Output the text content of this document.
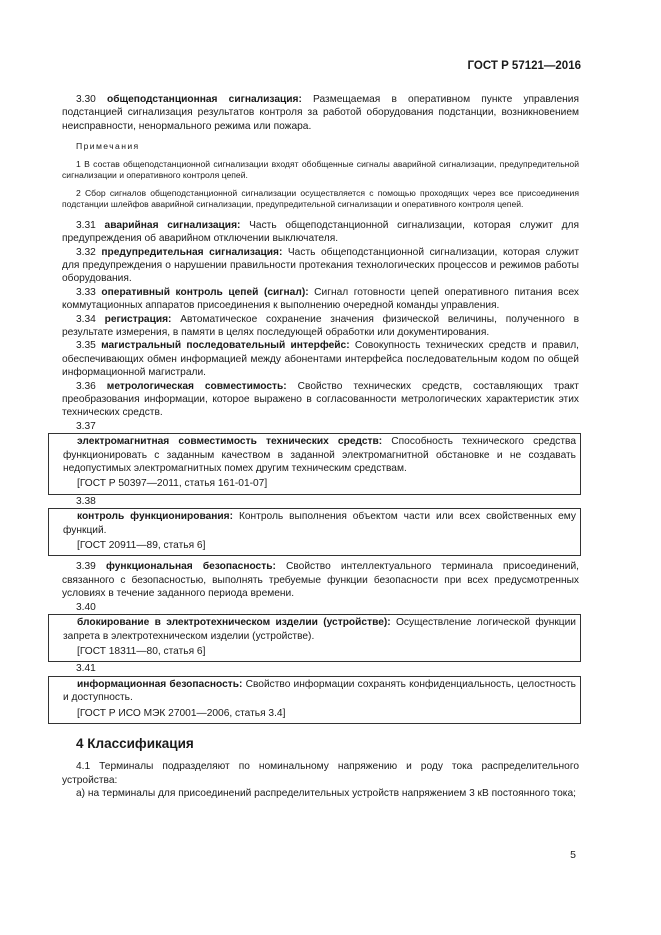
ГОСТ Р 57121—2016

3.30 общеподстанционная сигнализация: Размещаемая в оперативном пункте управления подстанцией сигнализация результатов контроля за работой оборудования подстанции, возникновением неисправности, ненормального режима или пожара.

Примечания

1 В состав общеподстанционной сигнализации входят обобщенные сигналы аварийной сигнализации, предупредительной сигнализации и оперативного контроля цепей.

2 Сбор сигналов общеподстанционной сигнализации осуществляется с помощью проходящих через все присоединения подстанции шлейфов аварийной сигнализации, предупредительной сигнализации и оперативного контроля цепей.

3.31 аварийная сигнализация: Часть общеподстанционной сигнализации, которая служит для предупреждения об аварийном отключении выключателя.

3.32 предупредительная сигнализация: Часть общеподстанционной сигнализации, которая служит для предупреждения о нарушении правильности протекания технологических процессов и режимов работы оборудования.

3.33 оперативный контроль цепей (сигнал): Сигнал готовности цепей оперативного питания всех коммутационных аппаратов присоединения к выполнению очередной команды управления.

3.34 регистрация: Автоматическое сохранение значения физической величины, полученного в результате измерения, в памяти в целях последующей обработки или документирования.

3.35 магистральный последовательный интерфейс: Совокупность технических средств и правил, обеспечивающих обмен информацией между абонентами интерфейса последовательным кодом по общей информационной магистрали.

3.36 метрологическая совместимость: Свойство технических средств, составляющих тракт преобразования информации, которое выражено в согласованности метрологических характеристик этих технических средств.

3.37

электромагнитная совместимость технических средств: Способность технического средства функционировать с заданным качеством в заданной электромагнитной обстановке и не создавать недопустимых электромагнитных помех другим техническим средствам.

[ГОСТ Р 50397—2011, статья 161-01-07]

3.38

контроль функционирования: Контроль выполнения объектом части или всех свойственных ему функций.

[ГОСТ 20911—89, статья 6]

3.39 функциональная безопасность: Свойство интеллектуального терминала присоединений, связанного с безопасностью, выполнять требуемые функции безопасности при всех предусмотренных условиях в течение заданного периода времени.

3.40

блокирование в электротехническом изделии (устройстве): Осуществление логической функции запрета в электротехническом изделии (устройстве).

[ГОСТ 18311—80, статья 6]

3.41

информационная безопасность: Свойство информации сохранять конфиденциальность, целостность и доступность.

[ГОСТ Р ИСО МЭК 27001—2006, статья 3.4]

4 Классификация

4.1 Терминалы подразделяют по номинальному напряжению и роду тока распределительного устройства:

а) на терминалы для присоединений распределительных устройств напряжением 3 кВ постоянного тока;

5
